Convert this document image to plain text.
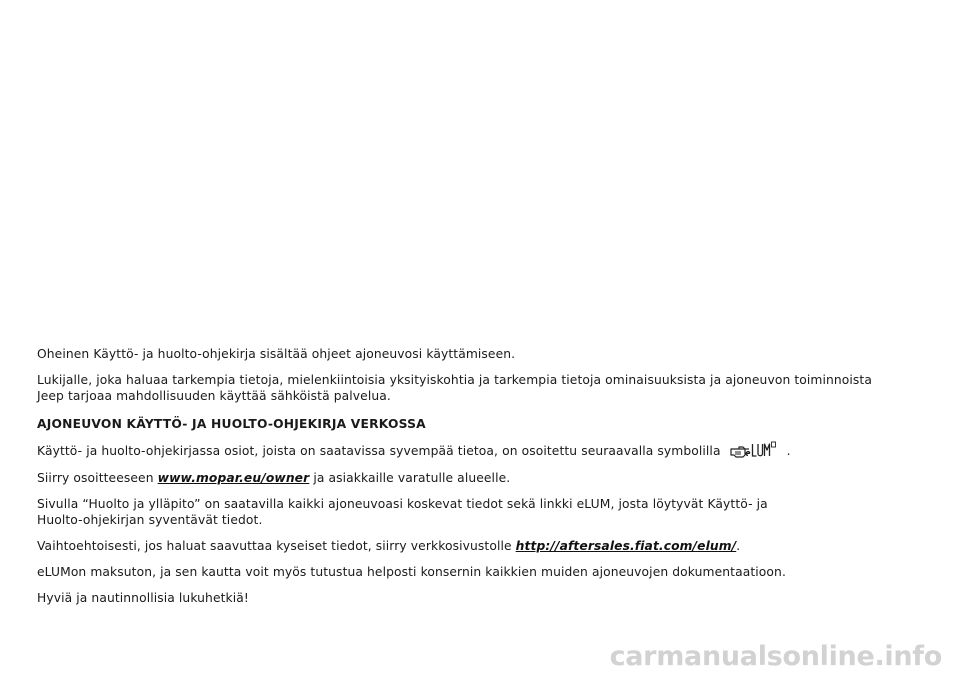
Oheinen Käyttö- ja huolto-ohjekirja sisältää ohjeet ajoneuvosi käyttämiseen.

Lukijalle, joka haluaa tarkempia tietoja, mielenkiintoisia yksityiskohtia ja tarkempia tietoja ominaisuuksista ja ajoneuvon toiminnoista
Jeep tarjoaa mahdollisuuden käyttää sähköistä palvelua.

AJONEUVON KÄYTTÖ- JA HUOLTO-OHJEKIRJA VERKOSSA

Käyttö- ja huolto-ohjekirjassa osiot, joista on saatavissa syvempää tietoa, on osoitettu seuraavalla symbolilla	.

Siirry osoitteeseen www.mopar.eu/owner ja asiakkaille varatulle alueelle.

Sivulla “Huolto ja ylläpito” on saatavilla kaikki ajoneuvoasi koskevat tiedot sekä linkki eLUM, josta löytyvät Käyttö- ja
Huolto-ohjekirjan syventävät tiedot.

Vaihtoehtoisesti, jos haluat saavuttaa kyseiset tiedot, siirry verkkosivustolle http://aftersales.fiat.com/elum/.

eLUMon maksuton, ja sen kautta voit myös tutustua helposti konsernin kaikkien muiden ajoneuvojen dokumentaatioon.

Hyviä ja nautinnollisia lukuhetkiä!

carmanualsonline.info
